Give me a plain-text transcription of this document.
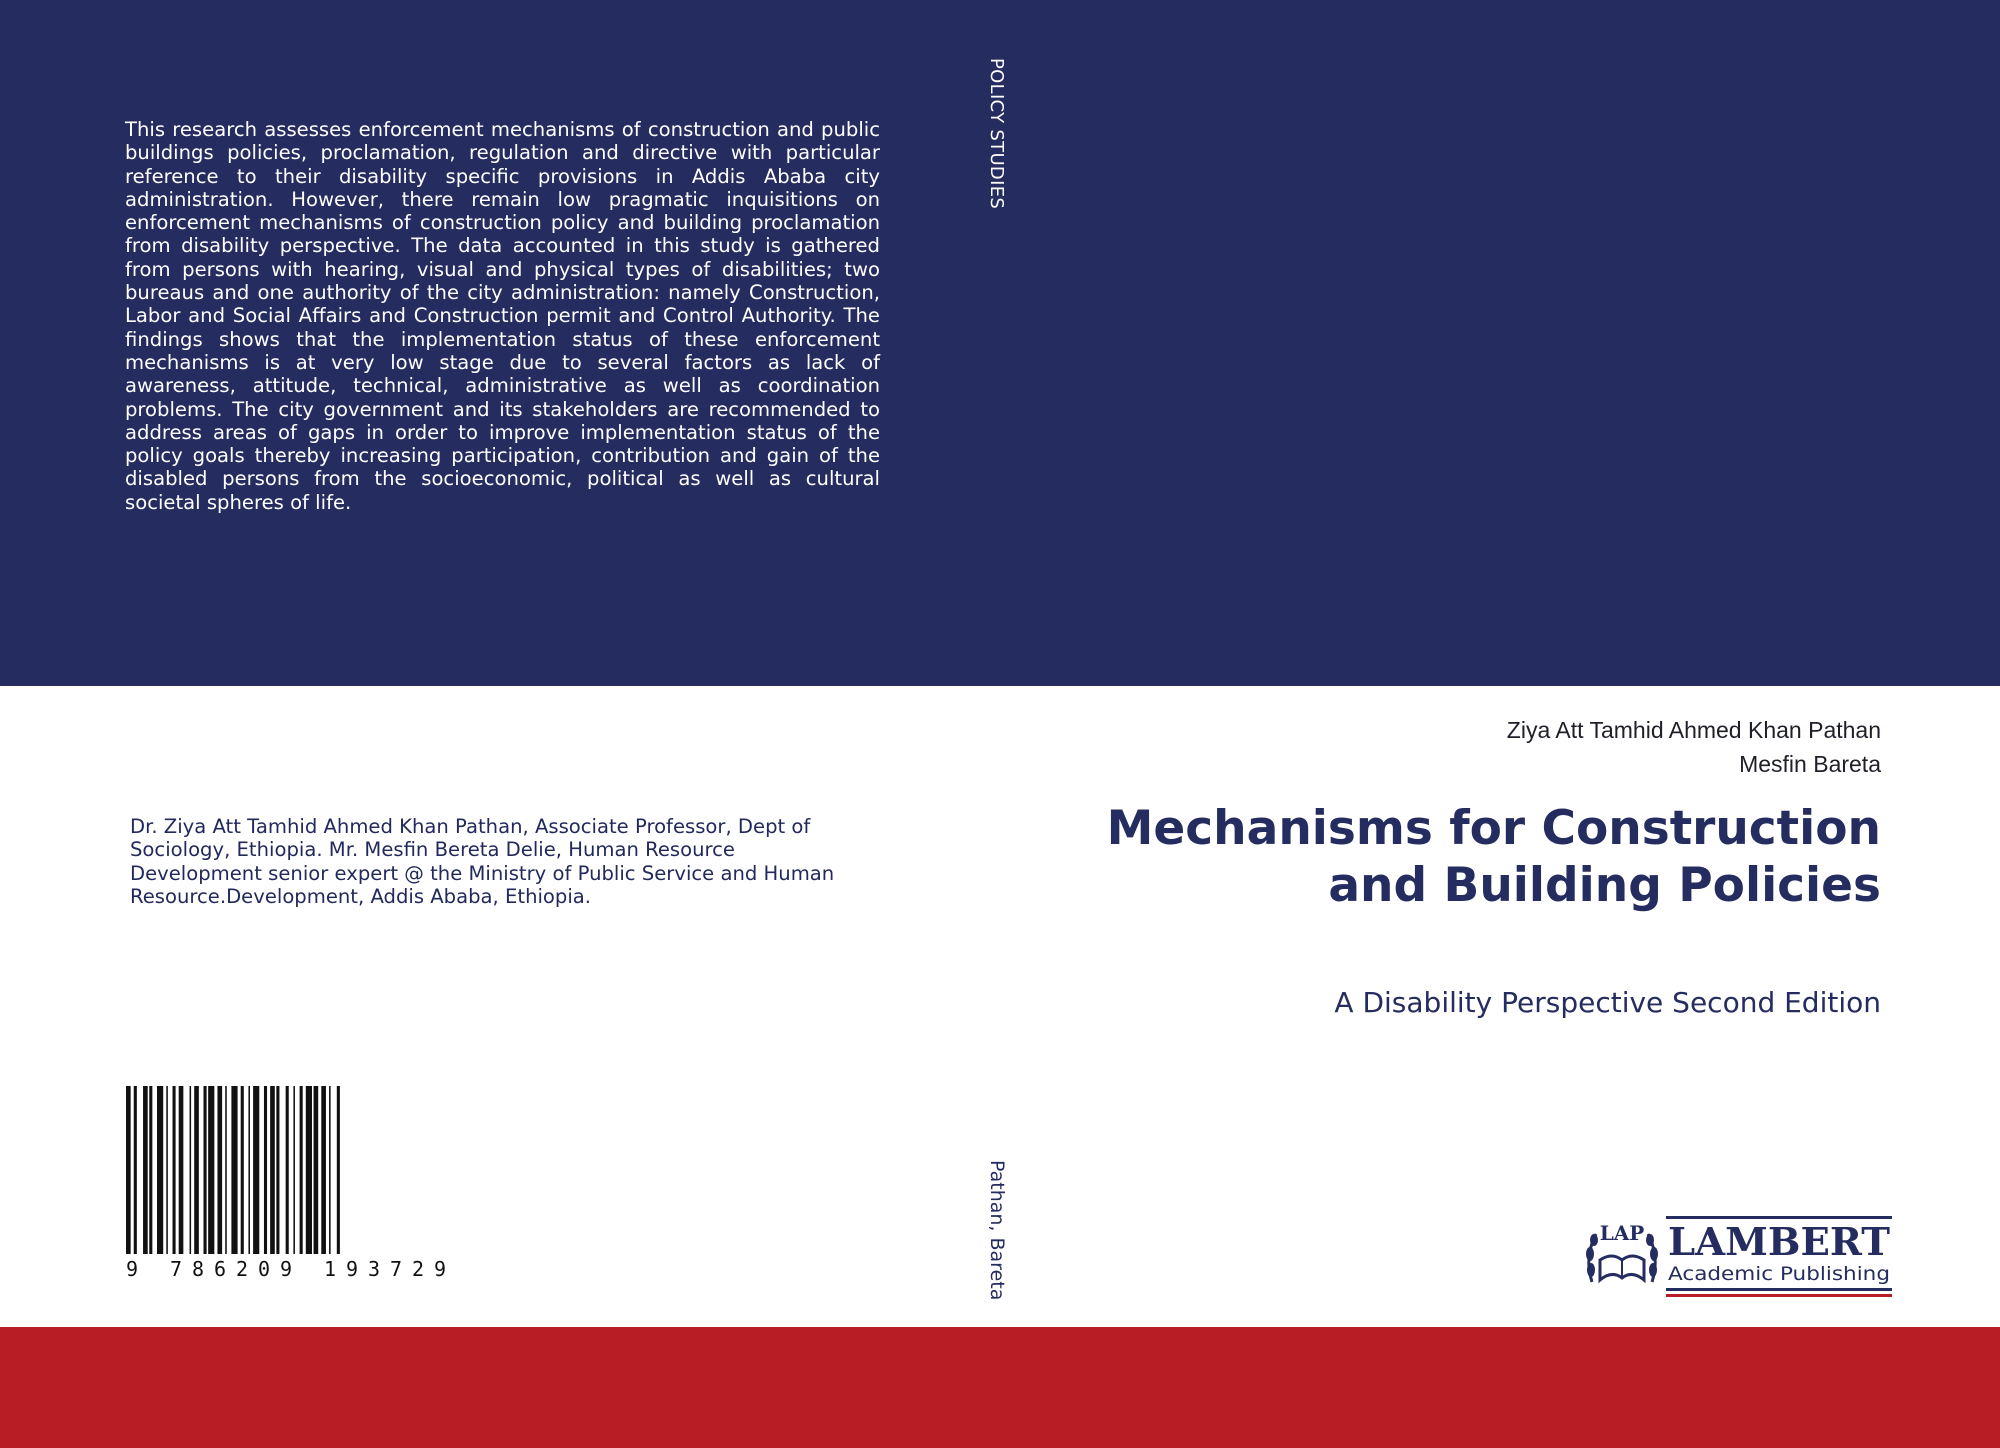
This research assesses enforcement mechanisms of construction and public buildings policies, proclamation, regulation and directive with particular reference to their disability specific provisions in Addis Ababa city administration. However, there remain low pragmatic inquisitions on enforcement mechanisms of construction policy and building proclamation from disability perspective. The data accounted in this study is gathered from persons with hearing, visual and physical types of disabilities; two bureaus and one authority of the city administration: namely Construction, Labor and Social Affairs and Construction permit and Control Authority. The findings shows that the implementation status of these enforcement mechanisms is at very low stage due to several factors as lack of awareness, attitude, technical, administrative as well as coordination problems. The city government and its stakeholders are recommended to address areas of gaps in order to improve implementation status of the policy goals thereby increasing participation, contribution and gain of the disabled persons from the socioeconomic, political as well as cultural societal spheres of life.

POLICY STUDIES
Pathan, Bareta

Dr. Ziya Att Tamhid Ahmed Khan Pathan, Associate Professor, Dept of Sociology, Ethiopia. Mr. Mesfin Bereta Delie, Human Resource Development senior expert @ the Ministry of Public Service and Human Resource.Development, Addis Ababa, Ethiopia.

9 786209 193729
Ziya Att Tamhid Ahmed Khan Pathan
Mesfin Bareta
Mechanisms for Construction and Building Policies
A Disability Perspective Second Edition
LAP LAMBERT
Academic Publishing
